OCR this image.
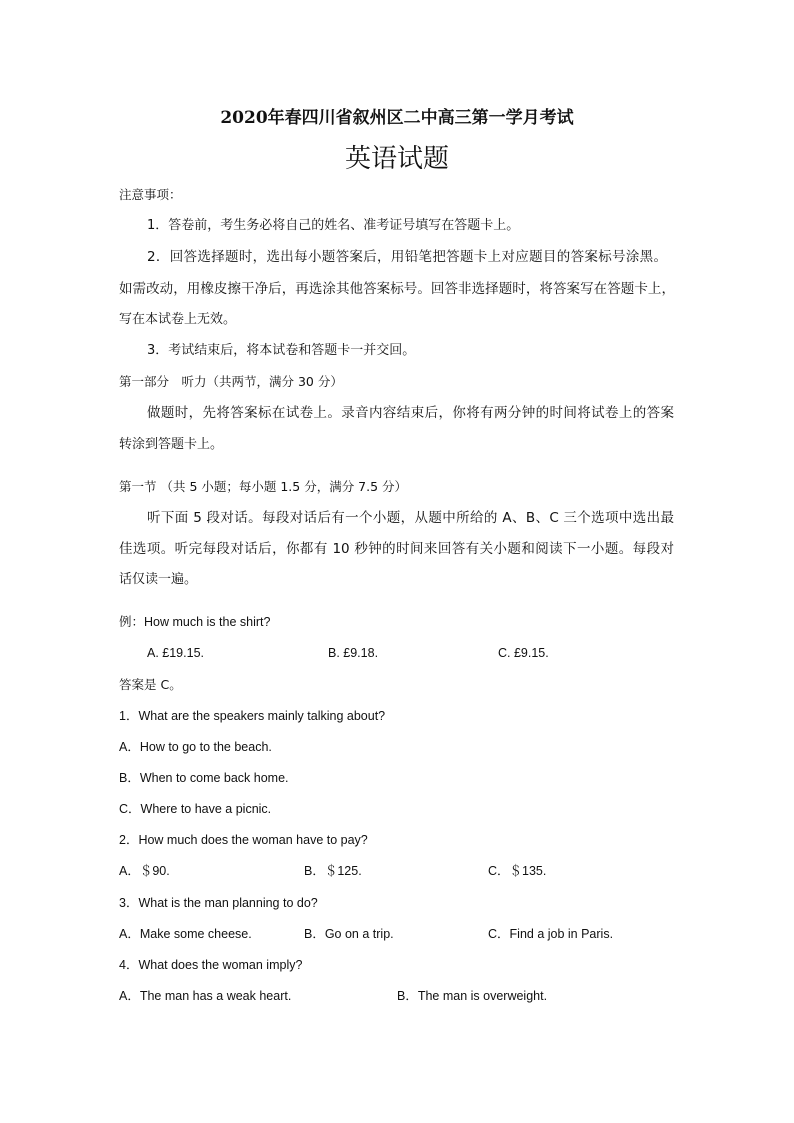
2020年春四川省叙州区二中高三第一学月考试
英语试题
注意事项：
1．答卷前，考生务必将自己的姓名、准考证号填写在答题卡上。
2．回答选择题时，选出每小题答案后，用铅笔把答题卡上对应题目的答案标号涂黑。
如需改动，用橡皮擦干净后，再选涂其他答案标号。回答非选择题时，将答案写在答题卡上，
写在本试卷上无效。
3．考试结束后，将本试卷和答题卡一并交回。
第一部分　听力（共两节，满分 30 分）
做题时，先将答案标在试卷上。录音内容结束后，你将有两分钟的时间将试卷上的答案
转涂到答题卡上。
第一节 （共 5 小题；每小题 1.5 分，满分 7.5 分）
听下面 5 段对话。每段对话后有一个小题，从题中所给的 A、B、C 三个选项中选出最
佳选项。听完每段对话后，你都有 10 秒钟的时间来回答有关小题和阅读下一小题。每段对
话仅读一遍。
例：How much is the shirt?
A. £19.15.	B. £9.18.	C. £9.15.
答案是 C。
1．What are the speakers mainly talking about?
A．How to go to the beach.
B．When to come back home.
C．Where to have a picnic.
2．How much does the woman have to pay?
A．＄90.	B．＄125.	C．＄135.
3．What is the man planning to do?
A．Make some cheese.	B．Go on a trip.	C．Find a job in Paris.
4．What does the woman imply?
A．The man has a weak heart.	B．The man is overweight.
